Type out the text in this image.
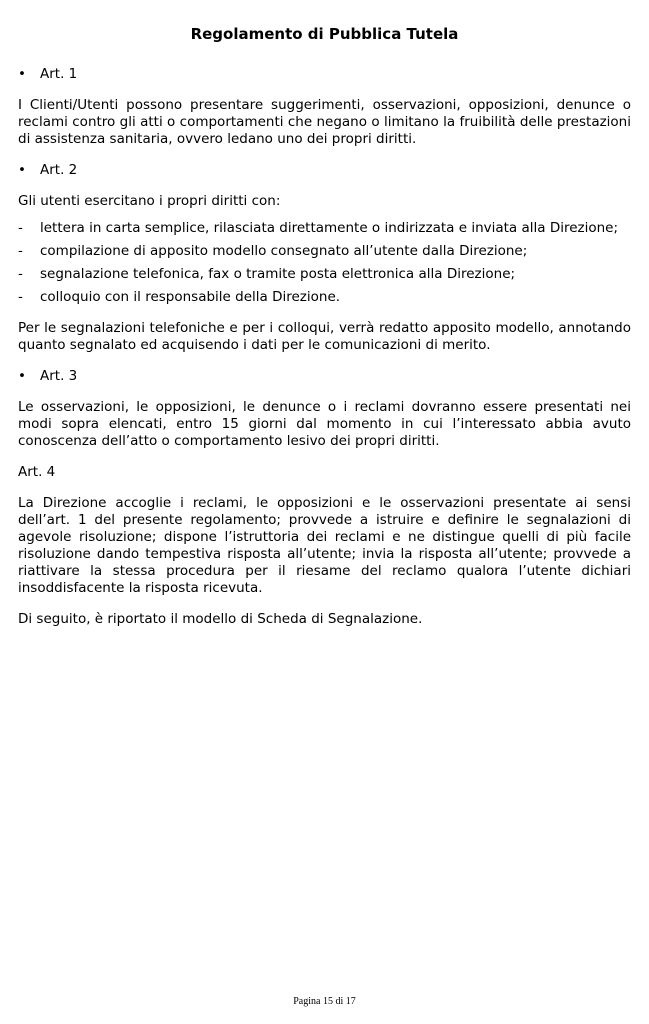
Regolamento di Pubblica Tutela
•	Art. 1
I Clienti/Utenti possono presentare suggerimenti, osservazioni, opposizioni, denunce o reclami contro gli atti o comportamenti che negano o limitano la fruibilità delle prestazioni di assistenza sanitaria, ovvero ledano uno dei propri diritti.
•	Art. 2
Gli utenti esercitano i propri diritti con:
-	lettera in carta semplice, rilasciata direttamente o indirizzata e inviata alla Direzione;
-	compilazione di apposito modello consegnato all’utente dalla Direzione;
-	segnalazione telefonica, fax o tramite posta elettronica alla Direzione;
-	colloquio con il responsabile della Direzione.
Per le segnalazioni telefoniche e per i colloqui, verrà redatto apposito modello, annotando quanto segnalato ed acquisendo i dati per le comunicazioni di merito.
•	Art. 3
Le osservazioni, le opposizioni, le denunce o i reclami dovranno essere presentati nei modi sopra elencati, entro 15 giorni dal momento in cui l’interessato abbia avuto conoscenza dell’atto o comportamento lesivo dei propri diritti.
Art. 4
La Direzione accoglie i reclami, le opposizioni e le osservazioni presentate ai sensi dell’art. 1 del presente regolamento; provvede a istruire e definire le segnalazioni di agevole risoluzione; dispone l’istruttoria dei reclami e ne distingue quelli di più facile risoluzione dando tempestiva risposta all’utente; invia la risposta all’utente; provvede a riattivare la stessa procedura per il riesame del reclamo qualora l’utente dichiari insoddisfacente la risposta ricevuta.
Di seguito, è riportato il modello di Scheda di Segnalazione.
Pagina 15 di 17
